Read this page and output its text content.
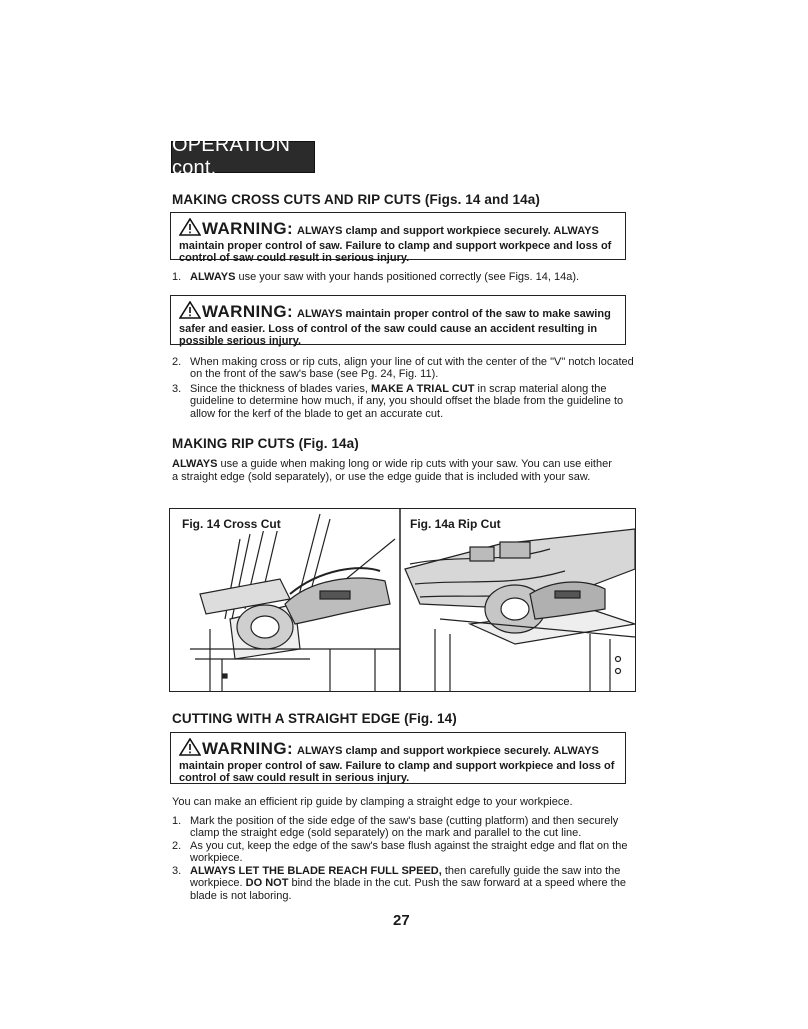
OPERATION cont.
MAKING CROSS CUTS AND RIP CUTS (Figs. 14 and 14a)
WARNING: ALWAYS clamp and support workpiece securely. ALWAYS maintain proper control of saw. Failure to clamp and support workpece and loss of control of saw could result in serious injury.
1. ALWAYS use your saw with your hands positioned correctly (see Figs. 14, 14a).
WARNING: ALWAYS maintain proper control of the saw to make sawing safer and easier. Loss of control of the saw could cause an accident resulting in possible serious injury.
2. When making cross or rip cuts, align your line of cut with the center of the "V" notch located on the front of the saw's base (see Pg. 24, Fig. 11).
3. Since the thickness of blades varies, MAKE A TRIAL CUT in scrap material along the guideline to determine how much, if any, you should offset the blade from the guideline to allow for the kerf of the blade to get an accurate cut.
MAKING RIP CUTS (Fig. 14a)
ALWAYS use a guide when making long or wide rip cuts with your saw. You can use either a straight edge (sold separately), or use the edge guide that is included with your saw.
Fig. 14 Cross Cut	Fig. 14a Rip Cut
CUTTING WITH A STRAIGHT EDGE (Fig. 14)
WARNING: ALWAYS clamp and support workpiece securely. ALWAYS maintain proper control of saw. Failure to clamp and support workpiece and loss of control of saw could result in serious injury.
You can make an efficient rip guide by clamping a straight edge to your workpiece.
1. Mark the position of the side edge of the saw's base (cutting platform) and then securely clamp the straight edge (sold separately) on the mark and parallel to the cut line.
2. As you cut, keep the edge of the saw's base flush against the straight edge and flat on the workpiece.
3. ALWAYS LET THE BLADE REACH FULL SPEED, then carefully guide the saw into the workpiece. DO NOT bind the blade in the cut. Push the saw forward at a speed where the blade is not laboring.
27
